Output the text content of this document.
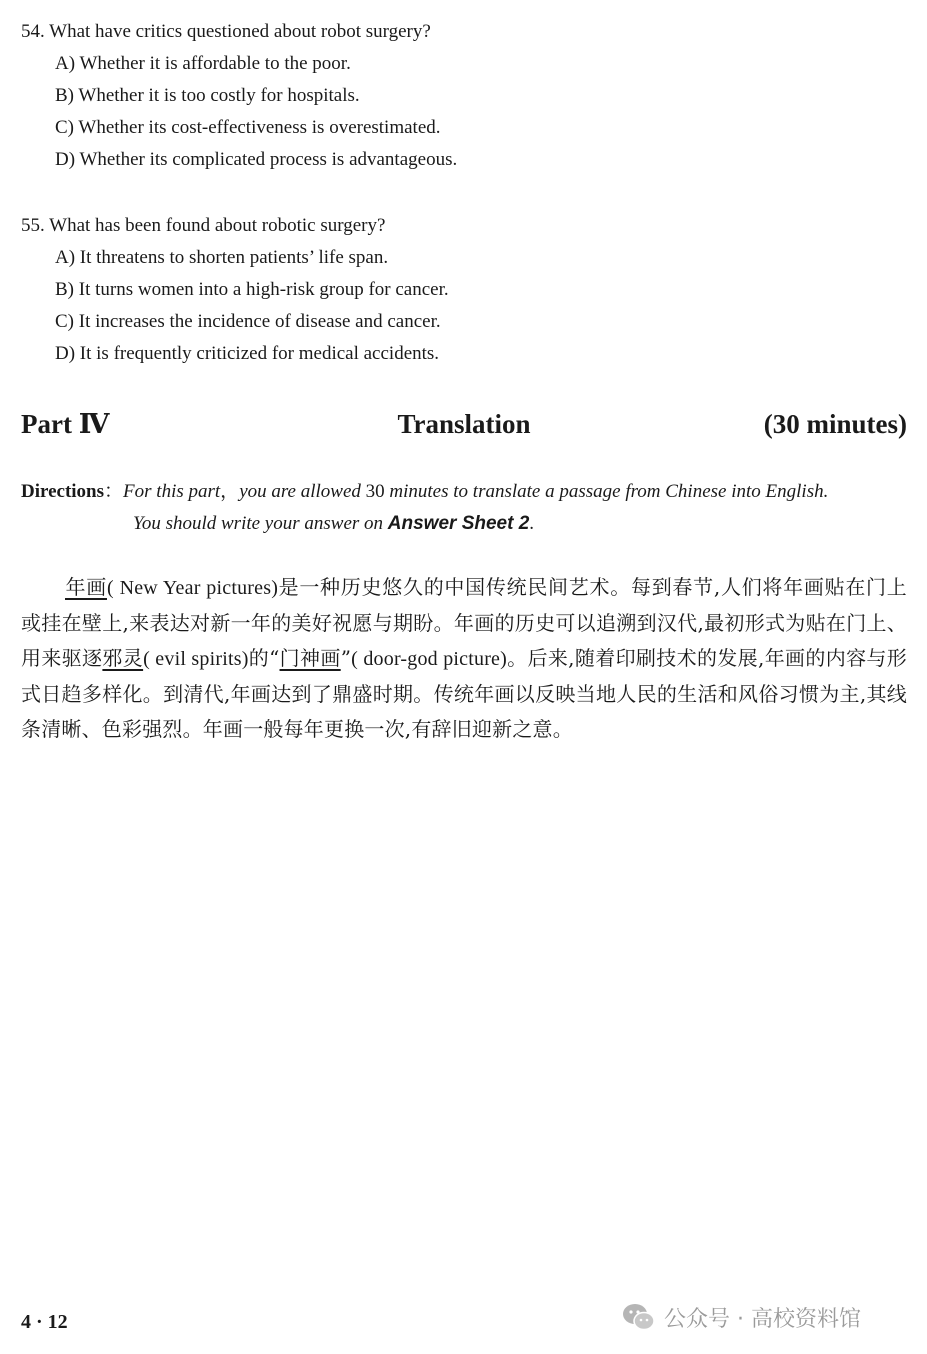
54. What have critics questioned about robot surgery?
A) Whether it is affordable to the poor.
B) Whether it is too costly for hospitals.
C) Whether its cost-effectiveness is overestimated.
D) Whether its complicated process is advantageous.
55. What has been found about robotic surgery?
A) It threatens to shorten patients’ life span.
B) It turns women into a high-risk group for cancer.
C) It increases the incidence of disease and cancer.
D) It is frequently criticized for medical accidents.
Part Ⅳ	Translation	(30 minutes)
Directions：For this part，you are allowed 30 minutes to translate a passage from Chinese into English.
You should write your answer on Answer Sheet 2.
年画( New Year pictures)是一种历史悠久的中国传统民间艺术。每到春节,人们将年画贴在门上或挂在壁上,来表达对新一年的美好祝愿与期盼。年画的历史可以追溯到汉代,最初形式为贴在门上、用来驱逐邪灵( evil spirits)的“门神画”( door-god picture)。后来,随着印刷技术的发展,年画的内容与形式日趋多样化。到清代,年画达到了鼎盛时期。传统年画以反映当地人民的生活和风俗习惯为主,其线条清晰、色彩强烈。年画一般每年更换一次,有辞旧迎新之意。
4 · 12	公众号 · 高校资料馆
